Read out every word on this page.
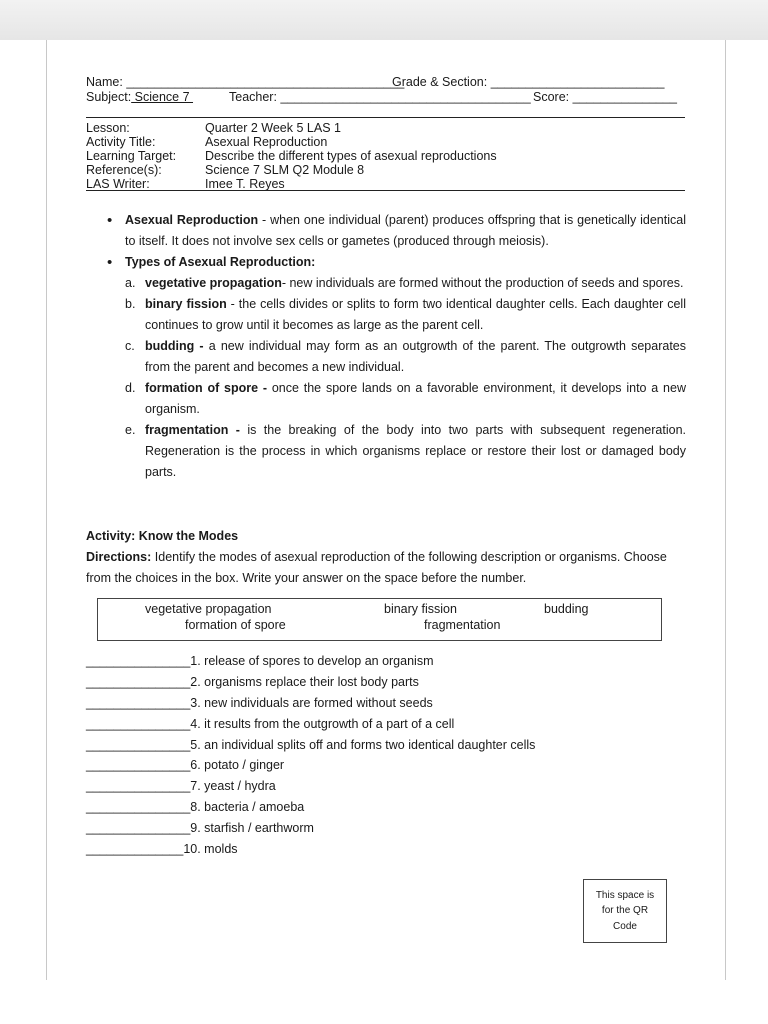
Name: ________________________________________
Grade & Section: _________________________
Subject: Science 7	Teacher: ____________________________________ Score: _______________
Lesson:	Quarter 2 Week 5 LAS 1
Activity Title:	Asexual Reproduction
Learning Target:	Describe the different types of asexual reproductions
Reference(s):	Science 7 SLM Q2 Module 8
LAS Writer:	Imee T. Reyes
• Asexual Reproduction - when one individual (parent) produces offspring that is genetically identical to itself. It does not involve sex cells or gametes (produced through meiosis).
• Types of Asexual Reproduction:
a. vegetative propagation- new individuals are formed without the production of seeds and spores.
b. binary fission - the cells divides or splits to form two identical daughter cells. Each daughter cell continues to grow until it becomes as large as the parent cell.
c. budding - a new individual may form as an outgrowth of the parent. The outgrowth separates from the parent and becomes a new individual.
d. formation of spore - once the spore lands on a favorable environment, it develops into a new organism.
e. fragmentation - is the breaking of the body into two parts with subsequent regeneration. Regeneration is the process in which organisms replace or restore their lost or damaged body parts.
Activity: Know the Modes
Directions: Identify the modes of asexual reproduction of the following description or organisms. Choose from the choices in the box. Write your answer on the space before the number.
vegetative propagation	binary fission	budding
formation of spore	fragmentation
_______________1. release of spores to develop an organism
_______________2. organisms replace their lost body parts
_______________3. new individuals are formed without seeds
_______________4. it results from the outgrowth of a part of a cell
_______________5. an individual splits off and forms two identical daughter cells
_______________6. potato / ginger
_______________7. yeast / hydra
_______________8. bacteria / amoeba
_______________9. starfish / earthworm
______________10. molds
This space is for the QR Code
